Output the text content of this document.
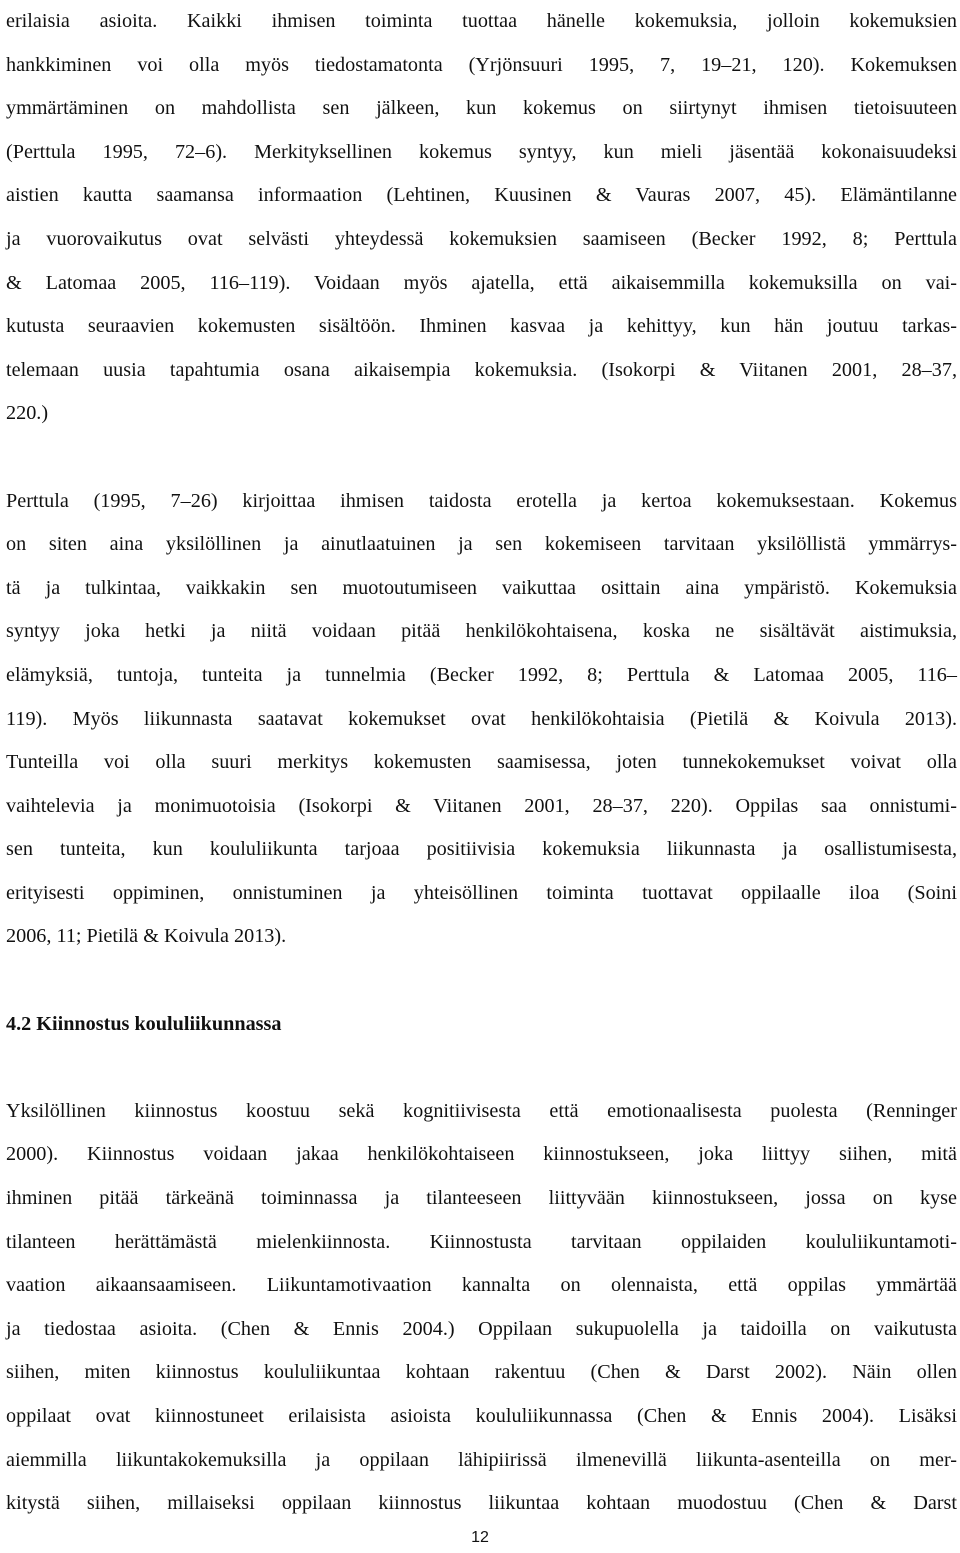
erilaisia asioita. Kaikki ihmisen toiminta tuottaa hänelle kokemuksia, jolloin kokemuksien
hankkiminen voi olla myös tiedostamatonta (Yrjönsuuri 1995, 7, 19–21, 120). Kokemuksen
ymmärtäminen on mahdollista sen jälkeen, kun kokemus on siirtynyt ihmisen tietoisuuteen
(Perttula 1995, 72–6). Merkityksellinen kokemus syntyy, kun mieli jäsentää kokonaisuudeksi
aistien kautta saamansa informaation (Lehtinen, Kuusinen & Vauras 2007, 45). Elämäntilanne
ja vuorovaikutus ovat selvästi yhteydessä kokemuksien saamiseen (Becker 1992, 8; Perttula
& Latomaa 2005, 116–119). Voidaan myös ajatella, että aikaisemmilla kokemuksilla on vai-
kutusta seuraavien kokemusten sisältöön. Ihminen kasvaa ja kehittyy, kun hän joutuu tarkas-
telemaan uusia tapahtumia osana aikaisempia kokemuksia. (Isokorpi & Viitanen 2001, 28–37,
220.)
Perttula (1995, 7–26) kirjoittaa ihmisen taidosta erotella ja kertoa kokemuksestaan. Kokemus
on siten aina yksilöllinen ja ainutlaatuinen ja sen kokemiseen tarvitaan yksilöllistä ymmärrys-
tä ja tulkintaa, vaikkakin sen muotoutumiseen vaikuttaa osittain aina ympäristö. Kokemuksia
syntyy joka hetki ja niitä voidaan pitää henkilökohtaisena, koska ne sisältävät aistimuksia,
elämyksiä, tuntoja, tunteita ja tunnelmia (Becker 1992, 8; Perttula & Latomaa 2005, 116–
119). Myös liikunnasta saatavat kokemukset ovat henkilökohtaisia (Pietilä & Koivula 2013).
Tunteilla voi olla suuri merkitys kokemusten saamisessa, joten tunnekokemukset voivat olla
vaihtelevia ja monimuotoisia (Isokorpi & Viitanen 2001, 28–37, 220). Oppilas saa onnistumi-
sen tunteita, kun koululiikunta tarjoaa positiivisia kokemuksia liikunnasta ja osallistumisesta,
erityisesti oppiminen, onnistuminen ja yhteisöllinen toiminta tuottavat oppilaalle iloa (Soini
2006, 11; Pietilä & Koivula 2013).
4.2 Kiinnostus koululiikunnassa
Yksilöllinen kiinnostus koostuu sekä kognitiivisesta että emotionaalisesta puolesta (Renninger
2000). Kiinnostus voidaan jakaa henkilökohtaiseen kiinnostukseen, joka liittyy siihen, mitä
ihminen pitää tärkeänä toiminnassa ja tilanteeseen liittyvään kiinnostukseen, jossa on kyse
tilanteen herättämästä mielenkiinnosta. Kiinnostusta tarvitaan oppilaiden koululiikuntamoti-
vaation aikaansaamiseen. Liikuntamotivaation kannalta on olennaista, että oppilas ymmärtää
ja tiedostaa asioita. (Chen & Ennis 2004.) Oppilaan sukupuolella ja taidoilla on vaikutusta
siihen, miten kiinnostus koululiikuntaa kohtaan rakentuu (Chen & Darst 2002). Näin ollen
oppilaat ovat kiinnostuneet erilaisista asioista koululiikunnassa (Chen & Ennis 2004). Lisäksi
aiemmilla liikuntakokemuksilla ja oppilaan lähipiirissä ilmenevillä liikunta-asenteilla on mer-
kitystä siihen, millaiseksi oppilaan kiinnostus liikuntaa kohtaan muodostuu (Chen & Darst
12
